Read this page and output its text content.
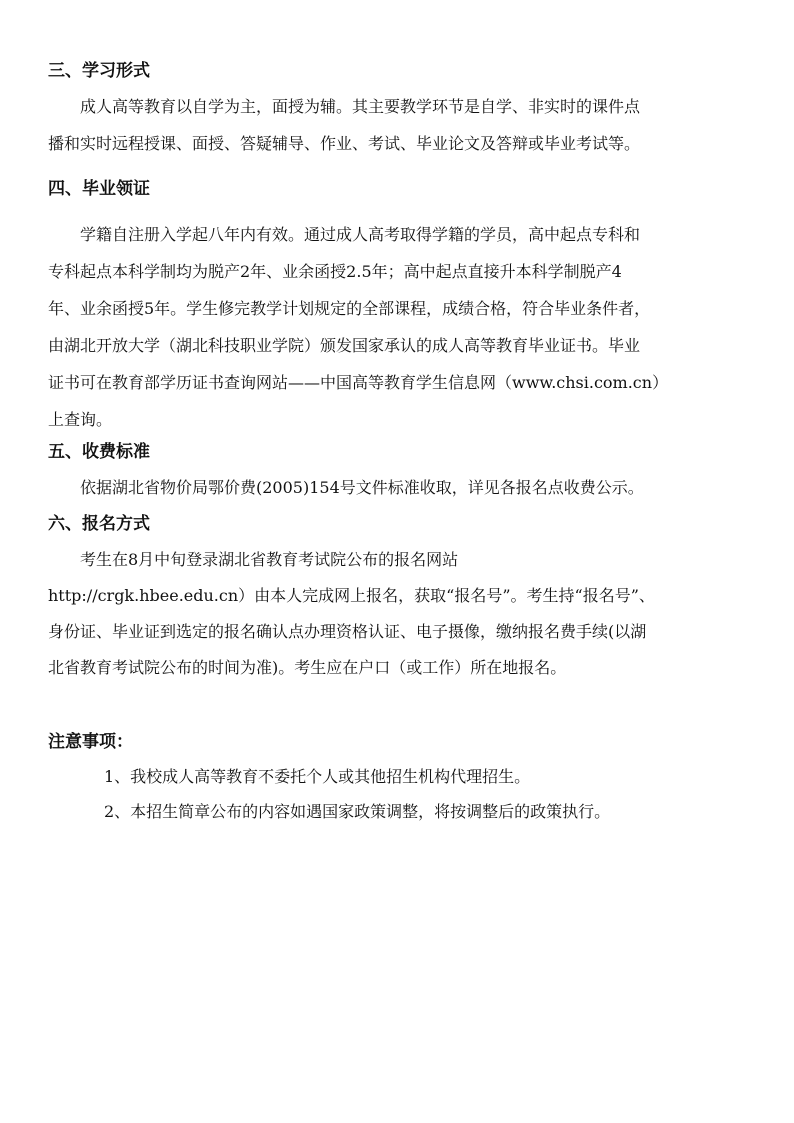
三、学习形式

成人高等教育以自学为主，面授为辅。其主要教学环节是自学、非实时的课件点
播和实时远程授课、面授、答疑辅导、作业、考试、毕业论文及答辩或毕业考试等。

四、毕业领证

学籍自注册入学起八年内有效。通过成人高考取得学籍的学员，高中起点专科和
专科起点本科学制均为脱产2年、业余函授2.5年；高中起点直接升本科学制脱产4
年、业余函授5年。学生修完教学计划规定的全部课程，成绩合格，符合毕业条件者，
由湖北开放大学（湖北科技职业学院）颁发国家承认的成人高等教育毕业证书。毕业
证书可在教育部学历证书查询网站——中国高等教育学生信息网（www.chsi.com.cn）
上查询。

五、收费标准

依据湖北省物价局鄂价费(2005)154号文件标准收取，详见各报名点收费公示。

六、报名方式

考生在8月中旬登录湖北省教育考试院公布的报名网站

http://crgk.hbee.edu.cn）由本人完成网上报名，获取“报名号”。考生持“报名号”、

身份证、毕业证到选定的报名确认点办理资格认证、电子摄像，缴纳报名费手续(以湖

北省教育考试院公布的时间为准)。考生应在户口（或工作）所在地报名。

注意事项：

1、我校成人高等教育不委托个人或其他招生机构代理招生。

2、本招生简章公布的内容如遇国家政策调整，将按调整后的政策执行。
